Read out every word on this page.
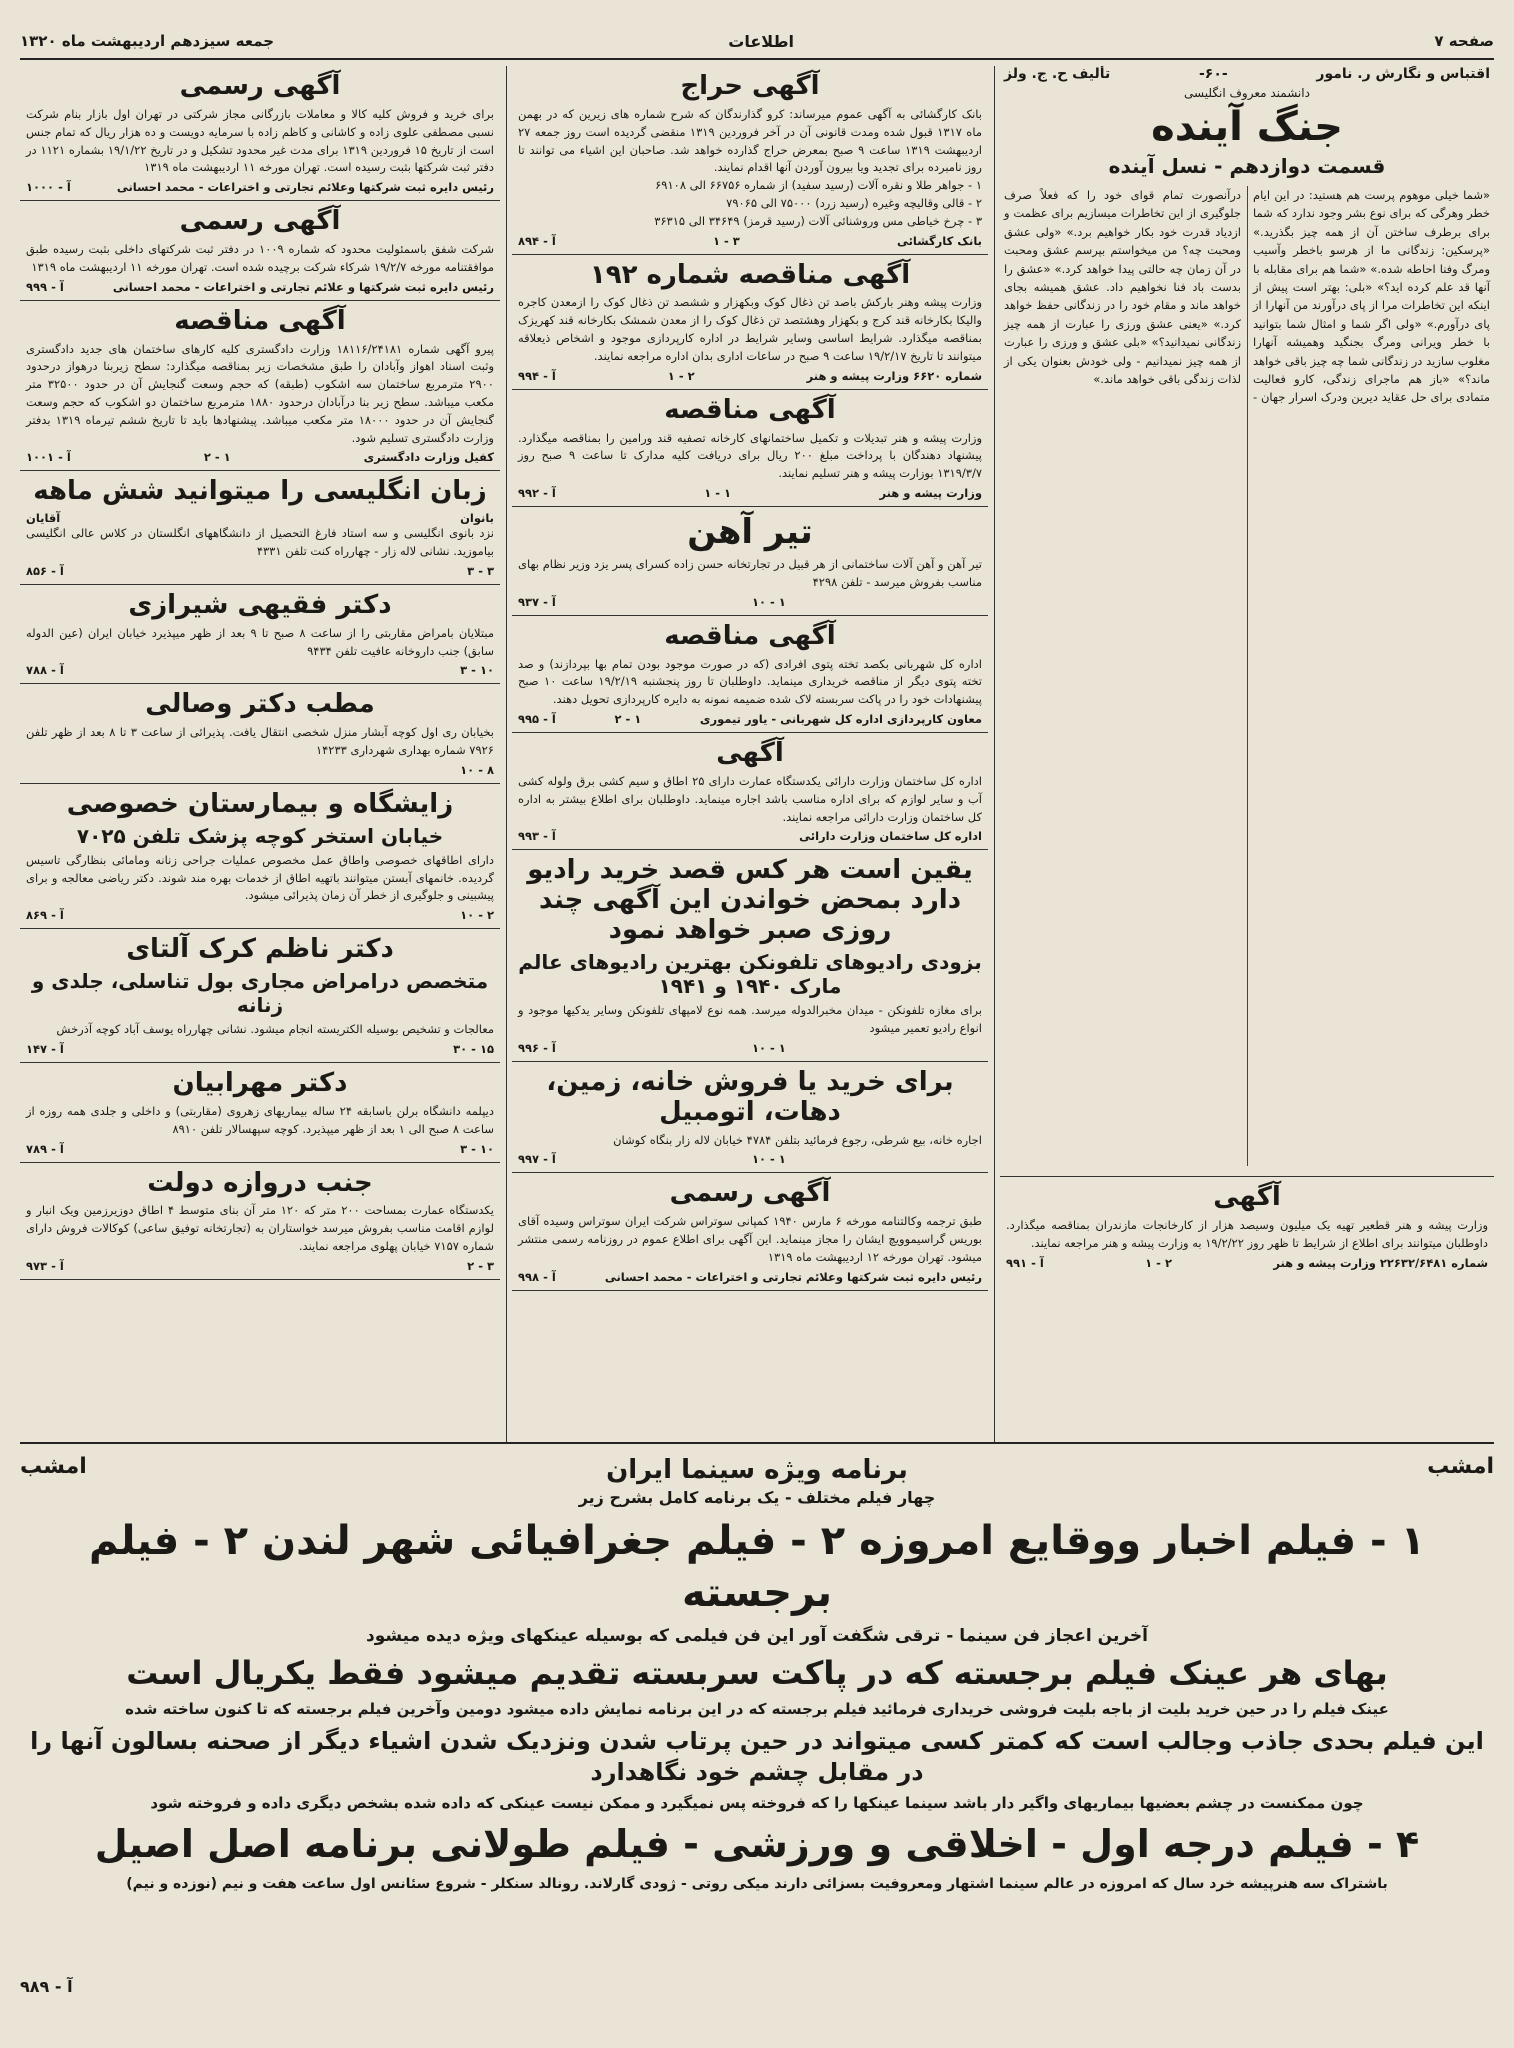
صفحه ۷
اطلاعات
جمعه سیزدهم اردیبهشت ماه ۱۳۲۰
اقتباس و نگارش ر. نامور
-۶۰-
تألیف ح. ج. ولز
دانشمند معروف انگلیسی
جنگ آینده
قسمت دوازدهم - نسل آینده
«شما خیلی موهوم پرست هم هستید: در این ایام خطر وهرگی که برای نوع بشر وجود ندارد که شما برای برطرف ساختن آن از همه چیز بگذرید.» «پرسکین: زندگانی ما از هرسو باخطر وآسیب ومرگ وفنا احاطه شده.» «شما هم برای مقابله با آنها قد علم کرده اید؟» «بلی: بهتر است پیش از اینکه این تخاطرات مرا از پای درآورند من آنهارا از پای درآورم.» «ولی اگر شما و امثال شما بتوانید با خطر ویرانی ومرگ بجنگید وهمیشه آنهارا مغلوب سازید در زندگانی شما چه چیز باقی خواهد ماند؟» «باز هم ماجرای زندگی، کارو فعالیت متمادی برای حل عقاید دیرین ودرک اسرار جهان - درآنصورت تمام قوای خود را که فعلاً صرف جلوگیری از این تخاطرات میسازیم برای عظمت و ازدیاد قدرت خود بکار خواهیم برد.» «ولی عشق ومحبت چه؟ من میخواستم بپرسم عشق ومحبت در آن زمان چه حالتی پیدا خواهد کرد.» «عشق را بدست باد فنا نخواهیم داد. عشق همیشه بجای خواهد ماند و مقام خود را در زندگانی حفظ خواهد کرد.» «یعنی عشق ورزی را عبارت از همه چیز زندگانی نمیدانید؟» «بلی عشق و ورزی را عبارت از همه چیز نمیدانیم - ولی خودش بعنوان یکی از لذات زندگی باقی خواهد ماند.»
آگهی

وزارت پیشه و هنر قطعیر تهیه یک میلیون وسیصد هزار از کارخانجات مازندران بمناقصه میگذارد. داوطلبان میتوانند برای اطلاع از شرایط تا ظهر روز ۱۹/۲/۲۲ به وزارت پیشه و هنر مراجعه نمایند.

شماره ۲۲۶۳۲/۶۴۸۱ وزارت پیشه و هنر
۲ - ۱
آ - ۹۹۱
آگهی حراج

بانک کارگشائی به آگهی عموم میرساند: کرو گذارندگان که شرح شماره های زیرین که در بهمن ماه ۱۳۱۷ قبول شده ومدت قانونی آن در آخر فروردین ۱۳۱۹ منقضی گردیده است روز جمعه ۲۷ اردیبهشت ۱۳۱۹ ساعت ۹ صبح بمعرض حراج گذارده خواهد شد. صاحبان این اشیاء می توانند تا روز نامبرده برای تجدید ویا بیرون آوردن آنها اقدام نمایند.

۱ - جواهر طلا و نقره آلات (رسید سفید) از شماره ۶۶۷۵۶ الی ۶۹۱۰۸

۲ - قالی وقالیچه وغیره (رسید زرد) ۷۵۰۰۰ الی ۷۹۰۶۵

۳ - چرخ خیاطی مس وروشنائی آلات (رسید قرمز) ۳۴۶۴۹ الی ۳۶۳۱۵

بانک کارگشائی
۳ - ۱
آ - ۸۹۴
آگهی مناقصه شماره ۱۹۲

وزارت پیشه وهنر بارکش باصد تن ذغال کوک وبکهزار و ششصد تن ذغال کوک را ازمعدن کاجره والیکا بکارخانه قند کرج و بکهزار وهشتصد تن ذغال کوک را از معدن شمشک بکارخانه قند کهریزک بمناقصه میگذارد. شرایط اساسی وسایر شرایط در اداره کارپردازی موجود و اشخاص ذیعلاقه میتوانند تا تاریخ ۱۹/۲/۱۷ ساعت ۹ صبح در ساعات اداری بدان اداره مراجعه نمایند.

شماره ۶۶۲۰ وزارت پیشه و هنر
۲ - ۱
آ - ۹۹۴
آگهی مناقصه

وزارت پیشه و هنر تبدیلات و تکمیل ساختمانهای کارخانه تصفیه قند ورامین را بمناقصه میگذارد. پیشنهاد دهندگان با پرداخت مبلغ ۲۰۰ ریال برای دریافت کلیه مدارک تا ساعت ۹ صبح روز ۱۳۱۹/۳/۷ بوزارت پیشه و هنر تسلیم نمایند.

وزارت پیشه و هنر
۱ - ۱
آ - ۹۹۲
تیر آهن

تیر آهن و آهن آلات ساختمانی از هر قبیل در تجارتخانه حسن زاده کسرای پسر یزد وزیر نظام بهای مناسب بفروش میرسد - تلفن ۴۲۹۸

۱ - ۱۰
آ - ۹۳۷
آگهی مناقصه

اداره کل شهربانی بکصد تخته پتوی افرادی (که در صورت موجود بودن تمام بها بپردازند) و صد تخته پتوی دیگر از مناقصه خریداری مینماید. داوطلبان تا روز پنجشنبه ۱۹/۲/۱۹ ساعت ۱۰ صبح پیشنهادات خود را در پاکت سربسته لاک شده ضمیمه نمونه به دایره کارپردازی تحویل دهند.

معاون کارپردازی اداره کل شهربانی - یاور تیموری
۱ - ۲
آ - ۹۹۵
آگهی

اداره کل ساختمان وزارت دارائی یکدستگاه عمارت دارای ۲۵ اطاق و سیم کشی برق ولوله کشی آب و سایر لوازم که برای اداره مناسب باشد اجاره مینماید. داوطلبان برای اطلاع بیشتر به اداره کل ساختمان وزارت دارائی مراجعه نمایند.

اداره کل ساختمان وزارت دارائی
آ - ۹۹۳
یقین است هر کس قصد خرید رادیو دارد بمحض خواندن این آگهی چند روزی صبر خواهد نمود
بزودی رادیوهای تلفونکن بهترین رادیوهای عالم مارک ۱۹۴۰ و ۱۹۴۱

برای مغازه تلفونکن - میدان مخبرالدوله میرسد. همه نوع لامپهای تلفونکن وسایر یدکیها موجود و انواع رادیو تعمیر میشود

۱ - ۱۰
آ - ۹۹۶
برای خرید یا فروش خانه، زمین، دهات، اتومبیل

اجاره خانه، بیع شرطی، رجوع فرمائید بتلفن ۴۷۸۴ خیابان لاله زار بنگاه کوشان

۱ - ۱۰
آ - ۹۹۷
آگهی رسمی

طبق ترجمه وکالتنامه مورخه ۶ مارس ۱۹۴۰ کمپانی سوتراس شرکت ایران سوتراس وسیده آقای بوریس گراسیموویچ ایشان را مجاز مینماید. این آگهی برای اطلاع عموم در روزنامه رسمی منتشر میشود. تهران مورخه ۱۲ اردیبهشت ماه ۱۳۱۹

رئیس دایره ثبت شرکتها وعلائم تجارتی و اختراعات - محمد احسانی
آ - ۹۹۸
آگهی رسمی

برای خرید و فروش کلیه کالا و معاملات بازرگانی مجاز شرکتی در تهران اول بازار بنام شرکت نسبی مصطفی علوی زاده و کاشانی و کاظم زاده با سرمایه دویست و ده هزار ریال که تمام جنس است از تاریخ ۱۵ فروردین ۱۳۱۹ برای مدت غیر محدود تشکیل و در تاریخ ۱۹/۱/۲۲ بشماره ۱۱۲۱ در دفتر ثبت شرکتها بثبت رسیده است. تهران مورخه ۱۱ اردیبهشت ماه ۱۳۱۹

رئیس دایره ثبت شرکتها وعلائم تجارتی و اختراعات - محمد احسانی
آ - ۱۰۰۰
آگهی رسمی

شرکت شفق باسمئولیت محدود که شماره ۱۰۰۹ در دفتر ثبت شرکتهای داخلی بثبت رسیده طبق موافقتنامه مورخه ۱۹/۲/۷ شرکاء شرکت برچیده شده است. تهران مورخه ۱۱ اردیبهشت ماه ۱۳۱۹

رئیس دایره ثبت شرکتها و علائم تجارتی و اختراعات - محمد احسانی
آ - ۹۹۹
آگهی مناقصه

پیرو آگهی شماره ۱۸۱۱۶/۲۴۱۸۱ وزارت دادگستری کلیه کارهای ساختمان های جدید دادگستری وثبت اسناد اهواز وآبادان را طبق مشخصات زیر بمناقصه میگذارد: سطح زیربنا درهواز درحدود ۲۹۰۰ مترمربع ساختمان سه اشکوب (طبقه) که حجم وسعت گنجایش آن در حدود ۳۲۵۰۰ متر مکعب میباشد. سطح زیر بنا درآبادان درحدود ۱۸۸۰ مترمربع ساختمان دو اشکوب که حجم وسعت گنجایش آن در حدود ۱۸۰۰۰ متر مکعب میباشد. پیشنهادها باید تا تاریخ ششم تیرماه ۱۳۱۹ بدفتر وزارت دادگستری تسلیم شود.

کفیل وزارت دادگستری
۱ - ۲
آ - ۱۰۰۱
زبان انگلیسی را میتوانید شش ماهه
بانوان
آقایان

نزد بانوی انگلیسی و سه استاد فارغ التحصیل از دانشگاههای انگلستان در کلاس عالی انگلیسی بیاموزید. نشانی لاله زار - چهارراه کنت تلفن ۴۳۳۱

۳ - ۳
آ - ۸۵۶
دکتر فقیهی شیرازی

مبتلایان بامراض مقاربتی را از ساعت ۸ صبح تا ۹ بعد از ظهر میپذیرد خیابان ایران (عین الدوله سابق) جنب داروخانه عافیت تلفن ۹۴۳۴

۱۰ - ۳
آ - ۷۸۸
مطب دکتر وصالی

بخیابان ری اول کوچه آبشار منزل شخصی انتقال یافت. پذیرائی از ساعت ۳ تا ۸ بعد از ظهر تلفن ۷۹۲۶ شماره بهداری شهرداری ۱۴۲۳۳

۸ - ۱۰
زایشگاه و بیمارستان خصوصی
خیابان استخر کوچه پزشک تلفن ۷۰۲۵

دارای اطاقهای خصوصی واطاق عمل مخصوص عملیات جراحی زنانه ومامائی بنظارگی تاسیس گردیده. خانمهای آبستن میتوانند باتهیه اطاق از خدمات بهره مند شوند. دکتر ریاضی معالجه و برای پیشبینی و جلوگیری از خطر آن زمان پذیرائی میشود.

۲ - ۱۰
آ - ۸۶۹
دکتر ناظم کرک آلتای
متخصص درامراض مجاری بول تناسلی، جلدی و زنانه

معالجات و تشخیص بوسیله الکتریسته انجام میشود. نشانی چهارراه یوسف آباد کوچه آذرخش

۱۵ - ۳۰
آ - ۱۴۷
دکتر مهرابیان

دیپلمه دانشگاه برلن باسابقه ۲۴ ساله بیماریهای زهروی (مقاربتی) و داخلی و جلدی همه روزه از ساعت ۸ صبح الی ۱ بعد از ظهر میپذیرد. کوچه سپهسالار تلفن ۸۹۱۰

۱۰ - ۳
آ - ۷۸۹
جنب دروازه دولت

یکدستگاه عمارت بمساحت ۲۰۰ متر که ۱۲۰ متر آن بنای متوسط ۴ اطاق دوزیرزمین ویک انبار و لوازم اقامت مناسب بفروش میرسد خواستاران به (تجارتخانه توفیق ساعی) کوکالات فروش دارای شماره ۷۱۵۷ خیابان پهلوی مراجعه نمایند.

۳ - ۲
آ - ۹۷۳
امشب
امشب	برنامه ویژه سینما ایران

چهار فیلم مختلف - یک برنامه کامل بشرح زیر

۱ - فیلم اخبار ووقایع امروزه ۲ - فیلم جغرافیائی شهر لندن ۲ - فیلم برجسته

آخرین اعجاز فن سینما - ترقی شگفت آور این فن فیلمی که بوسیله عینکهای ویژه دیده میشود

بهای هر عینک فیلم برجسته که در پاکت سربسته تقدیم میشود فقط یکریال است

عینک فیلم را در حین خرید بلیت از باجه بلیت فروشی خریداری فرمائید فیلم برجسته که در این برنامه نمایش داده میشود دومین وآخرین فیلم برجسته که تا کنون ساخته شده

این فیلم بحدی جاذب وجالب است که کمتر کسی میتواند در حین پرتاب شدن ونزدیک شدن اشیاء دیگر از صحنه بسالون آنها را در مقابل چشم خود نگاهدارد

چون ممکنست در چشم بعضیها بیماریهای واگیر دار باشد سینما عینکها را که فروخته پس نمیگیرد و ممکن نیست عینکی که داده شده بشخص دیگری داده و فروخته شود

۴ - فیلم درجه اول - اخلاقی و ورزشی - فیلم طولانی برنامه اصل اصیل

باشتراک سه هنرپیشه خرد سال که امروزه در عالم سینما اشتهار ومعروفیت بسزائی دارند میکی روتی - ژودی گارلاند. رونالد سنکلر - شروع سئانس اول ساعت هفت و نیم (نوزده و نیم)

آ - ۹۸۹
